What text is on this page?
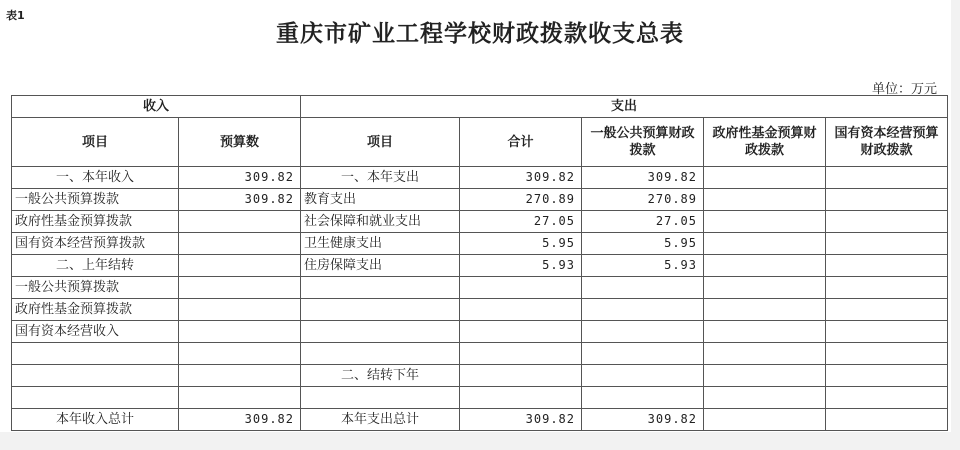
表1
重庆市矿业工程学校财政拨款收支总表
单位：万元
收入		支出				
项目	预算数	项目	合计	一般公共预算财政拨款	政府性基金预算财政拨款	国有资本经营预算财政拨款
一、本年收入	309.82	一、本年支出	309.82	309.82		
一般公共预算拨款	309.82	教育支出	270.89	270.89		
政府性基金预算拨款		社会保障和就业支出	27.05	27.05		
国有资本经营预算拨款		卫生健康支出	5.95	5.95		
二、上年结转		住房保障支出	5.93	5.93		
一般公共预算拨款						
政府性基金预算拨款						
国有资本经营收入						

		二、结转下年				

本年收入总计	309.82	本年支出总计	309.82	309.82		
